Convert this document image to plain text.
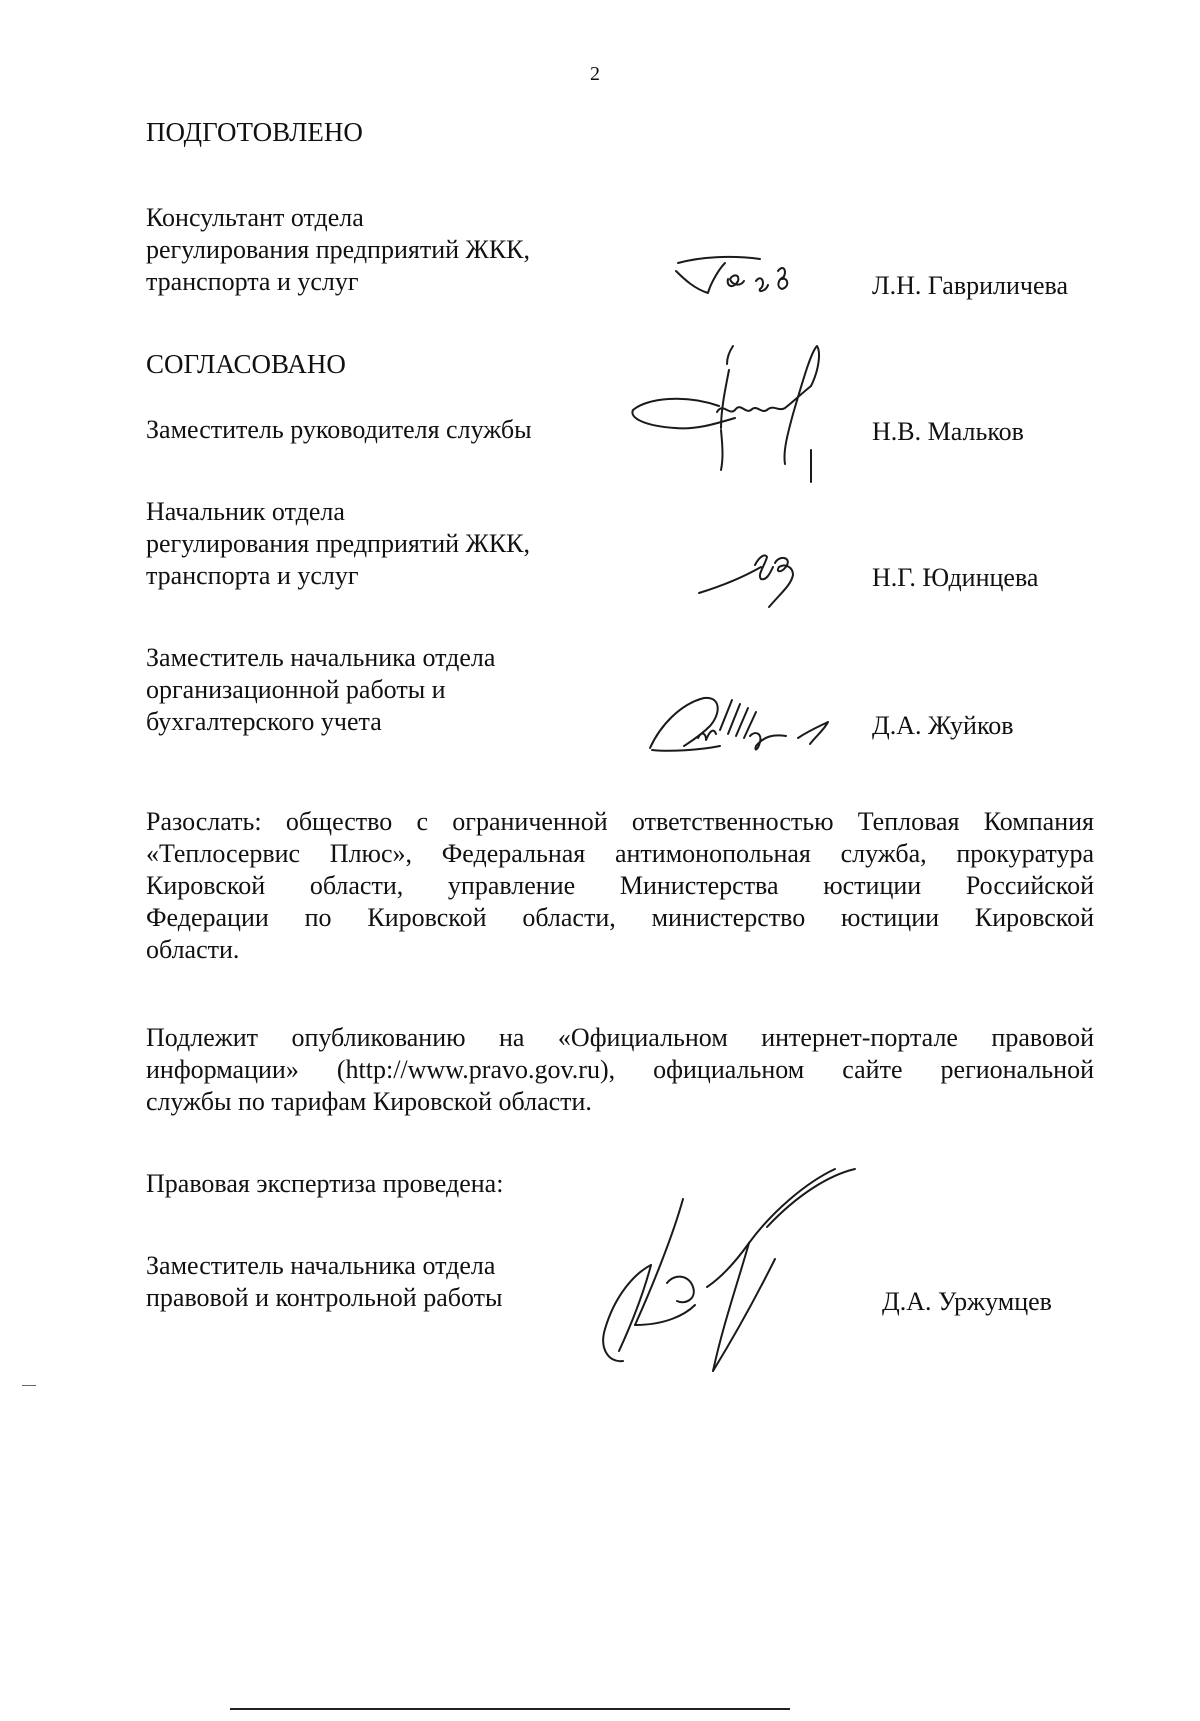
2
ПОДГОТОВЛЕНО
Консультант отдела
регулирования предприятий ЖКК,
транспорта и услуг	Л.Н. Гавриличева
СОГЛАСОВАНО
Заместитель руководителя службы	Н.В. Мальков
Начальник отдела
регулирования предприятий ЖКК,
транспорта и услуг	Н.Г. Юдинцева
Заместитель начальника отдела
организационной работы и
бухгалтерского учета	Д.А. Жуйков
Разослать: общество с ограниченной ответственностью Тепловая Компания
«Теплосервис Плюс», Федеральная антимонопольная служба, прокуратура
Кировской области, управление Министерства юстиции Российской
Федерации по Кировской области, министерство юстиции Кировской
области.
Подлежит опубликованию на «Официальном интернет-портале правовой
информации» (http://www.pravo.gov.ru), официальном сайте региональной
службы по тарифам Кировской области.
Правовая экспертиза проведена:
Заместитель начальника отдела
правовой и контрольной работы	Д.А. Уржумцев
